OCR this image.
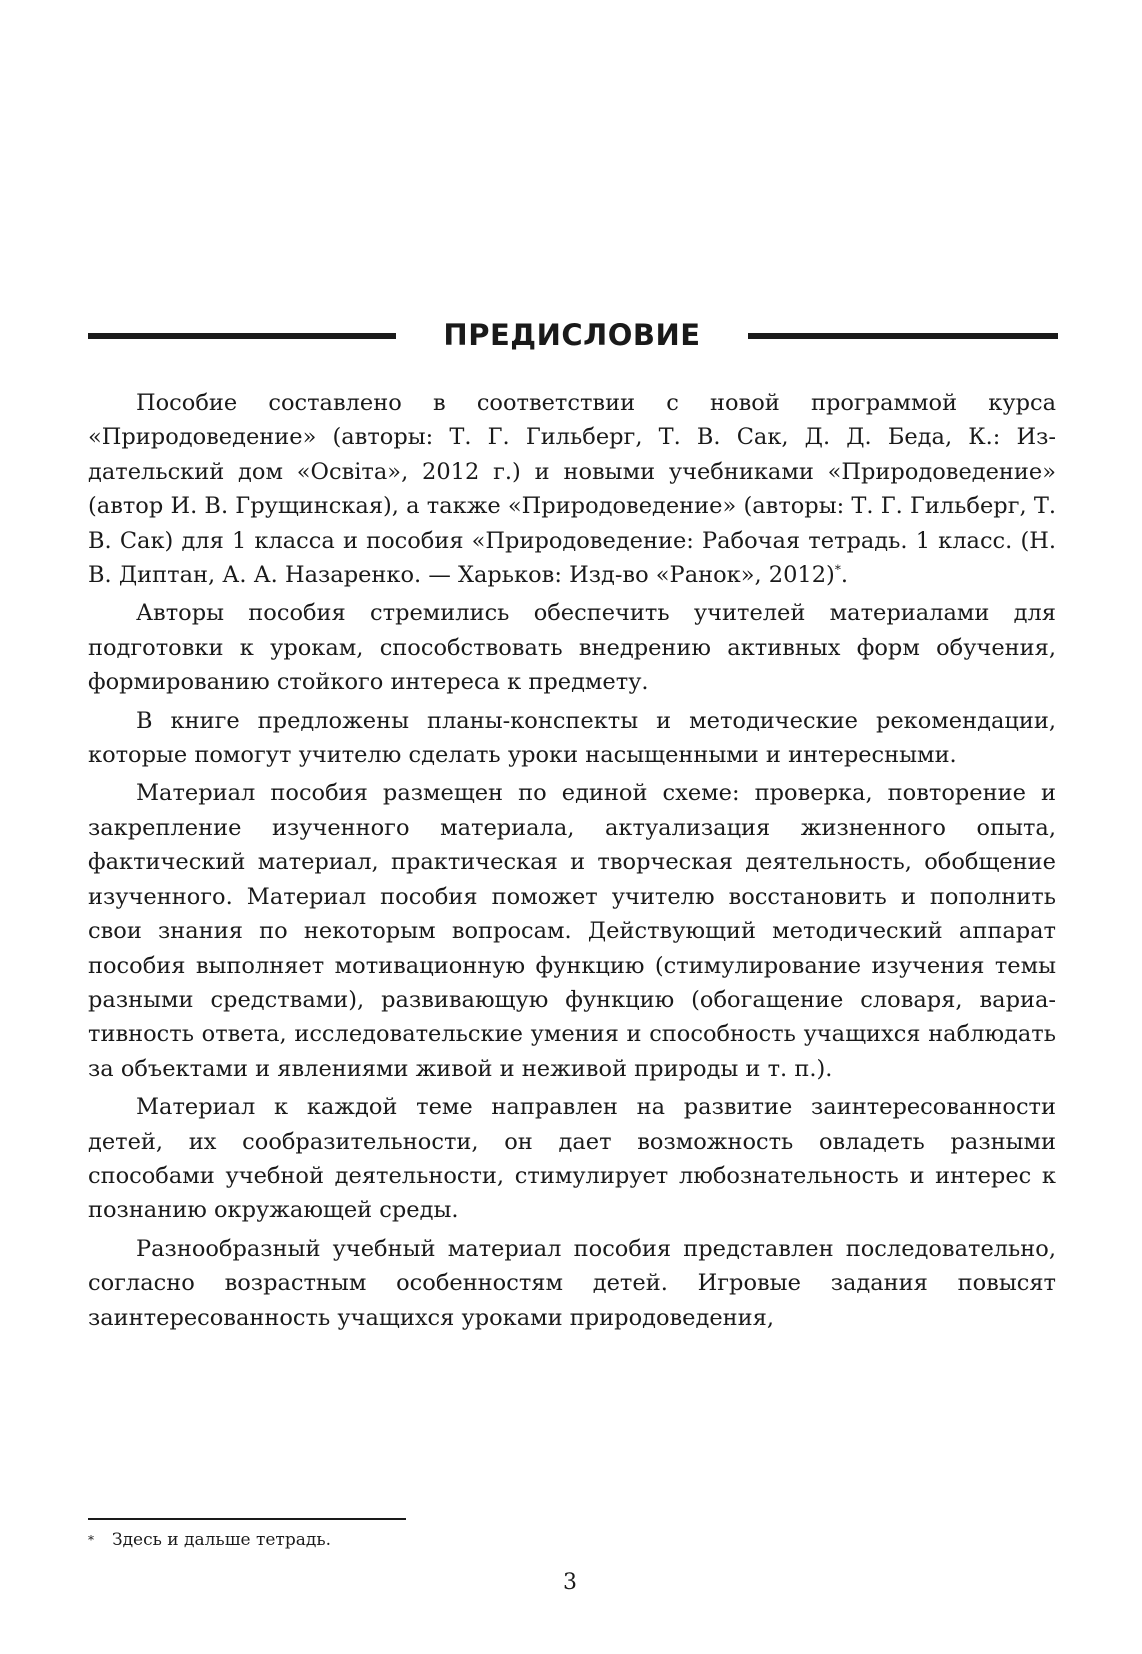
ПРЕДИСЛОВИЕ

Пособие составлено в соответствии с новой программой курса «Природоведение» (авторы: Т. Г. Гильберг, Т. В. Сак, Д. Д. Беда, К.: Издательский дом «Освіта», 2012 г.) и новыми учебниками «Природоведение» (автор И. В. Грущинская), а также «Природоведение» (авторы: Т. Г. Гильберг, Т. В. Сак) для 1 класса и пособия «Природоведение: Рабочая тетрадь. 1 класс. (Н. В. Диптан, А. А. Назаренко. — Харьков: Изд-во «Ранок», 2012)*.

Авторы пособия стремились обеспечить учителей материалами для подготовки к урокам, способствовать внедрению активных форм обучения, формированию стойкого интереса к предмету.

В книге предложены планы-конспекты и методические рекомендации, которые помогут учителю сделать уроки насыщенными и интересными.

Материал пособия размещен по единой схеме: проверка, повторение и закрепление изученного материала, актуализация жизненного опыта, фактический материал, практическая и творческая деятельность, обобщение изученного. Материал пособия поможет учителю восстановить и пополнить свои знания по некоторым вопросам. Действующий методический аппарат пособия выполняет мотивационную функцию (стимулирование изучения темы разными средствами), развивающую функцию (обогащение словаря, вариативность ответа, исследовательские умения и способность учащихся наблюдать за объектами и явлениями живой и неживой природы и т. п.).

Материал к каждой теме направлен на развитие заинтересованности детей, их сообразительности, он дает возможность овладеть разными способами учебной деятельности, стимулирует любознательность и интерес к познанию окружающей среды.

Разнообразный учебный материал пособия представлен последовательно, согласно возрастным особенностям детей. Игровые задания повысят заинтересованность учащихся уроками природоведения,

* Здесь и дальше тетрадь.
3
